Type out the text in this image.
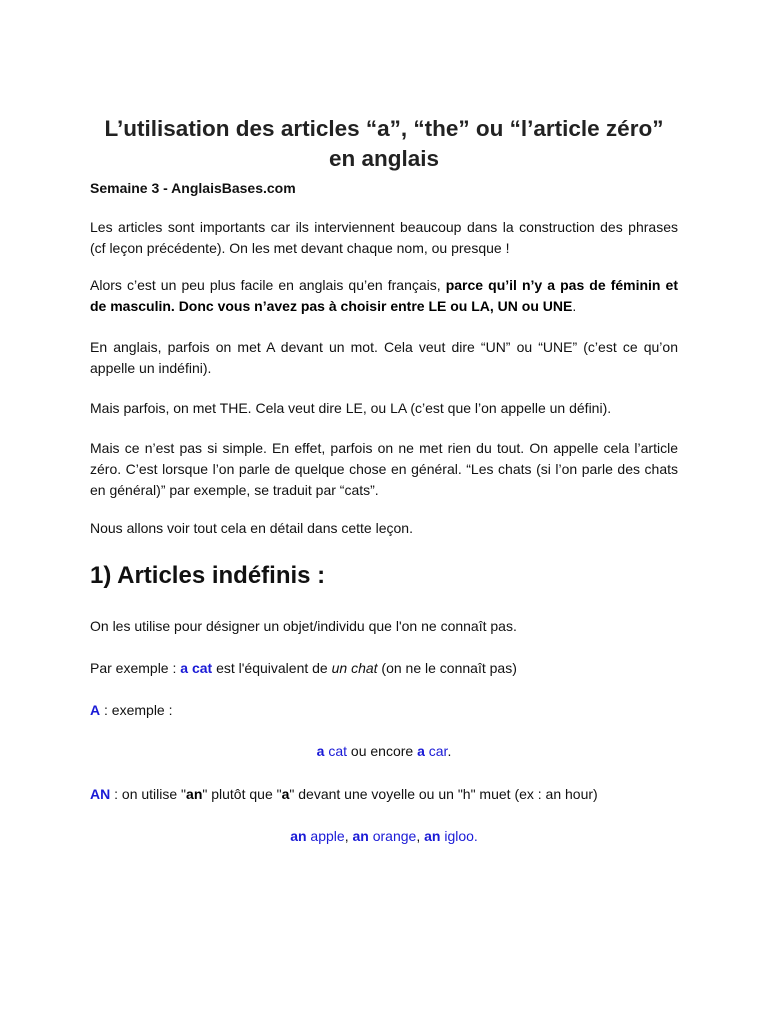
L’utilisation des articles “a”, “the” ou “l’article zéro”
en anglais
Semaine 3 - AnglaisBases.com
Les articles sont importants car ils interviennent beaucoup dans la construction des phrases (cf leçon précédente). On les met devant chaque nom, ou presque !
Alors c’est un peu plus facile en anglais qu’en français, parce qu’il n’y a pas de féminin et de masculin. Donc vous n’avez pas à choisir entre LE ou LA, UN ou UNE.
En anglais, parfois on met A devant un mot. Cela veut dire “UN” ou “UNE” (c’est ce qu’on appelle un indéfini).
Mais parfois, on met THE. Cela veut dire LE, ou LA (c’est que l’on appelle un défini).
Mais ce n’est pas si simple. En effet, parfois on ne met rien du tout. On appelle cela l’article zéro. C’est lorsque l’on parle de quelque chose en général. “Les chats (si l’on parle des chats en général)” par exemple, se traduit par “cats”.
Nous allons voir tout cela en détail dans cette leçon.
1) Articles indéfinis :
On les utilise pour désigner un objet/individu que l'on ne connaît pas.
Par exemple : a cat est l'équivalent de un chat (on ne le connaît pas)
A : exemple :
a cat ou encore a car.
AN : on utilise "an" plutôt que "a" devant une voyelle ou un "h" muet (ex : an hour)
an apple, an orange, an igloo.
